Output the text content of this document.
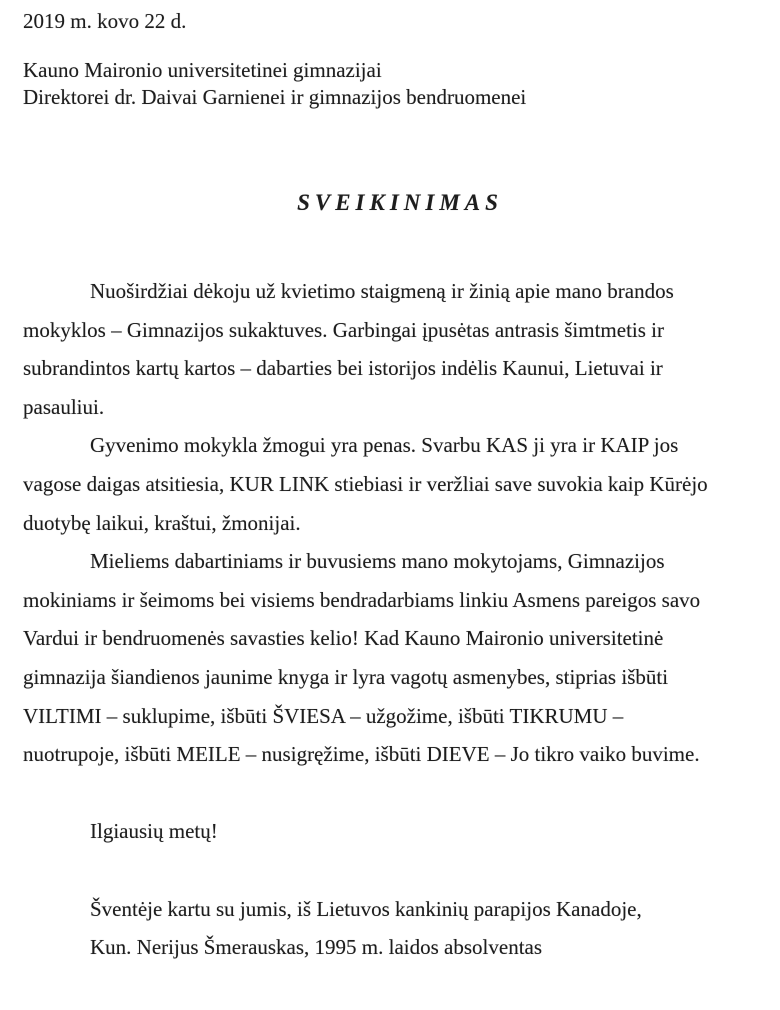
2019 m. kovo 22 d.
Kauno Maironio universitetinei gimnazijai
Direktorei dr. Daivai Garnienei ir gimnazijos bendruomenei
SVEIKINIMAS
Nuoširdžiai dėkoju už kvietimo staigmeną ir žinią apie mano brandos
mokyklos – Gimnazijos sukaktuves. Garbingai įpusėtas antrasis šimtmetis ir
subrandintos kartų kartos – dabarties bei istorijos indėlis Kaunui, Lietuvai ir
pasauliui.
Gyvenimo mokykla žmogui yra penas. Svarbu KAS ji yra ir KAIP jos
vagose daigas atsitiesia, KUR LINK stiebiasi ir veržliai save suvokia kaip Kūrėjo
duotybę laikui, kraštui, žmonijai.
Mieliems dabartiniams ir buvusiems mano mokytojams, Gimnazijos
mokiniams ir šeimoms bei visiems bendradarbiams linkiu Asmens pareigos savo
Vardui ir bendruomenės savasties kelio! Kad Kauno Maironio universitetinė
gimnazija šiandienos jaunime knyga ir lyra vagotų asmenybes, stiprias išbūti
VILTIMI – suklupime, išbūti ŠVIESA – užgožime, išbūti TIKRUMU –
nuotrupoje, išbūti MEILE – nusigręžime, išbūti DIEVE – Jo tikro vaiko buvime.
Ilgiausių metų!
Šventėje kartu su jumis, iš Lietuvos kankinių parapijos Kanadoje,
Kun. Nerijus Šmerauskas, 1995 m. laidos absolventas
